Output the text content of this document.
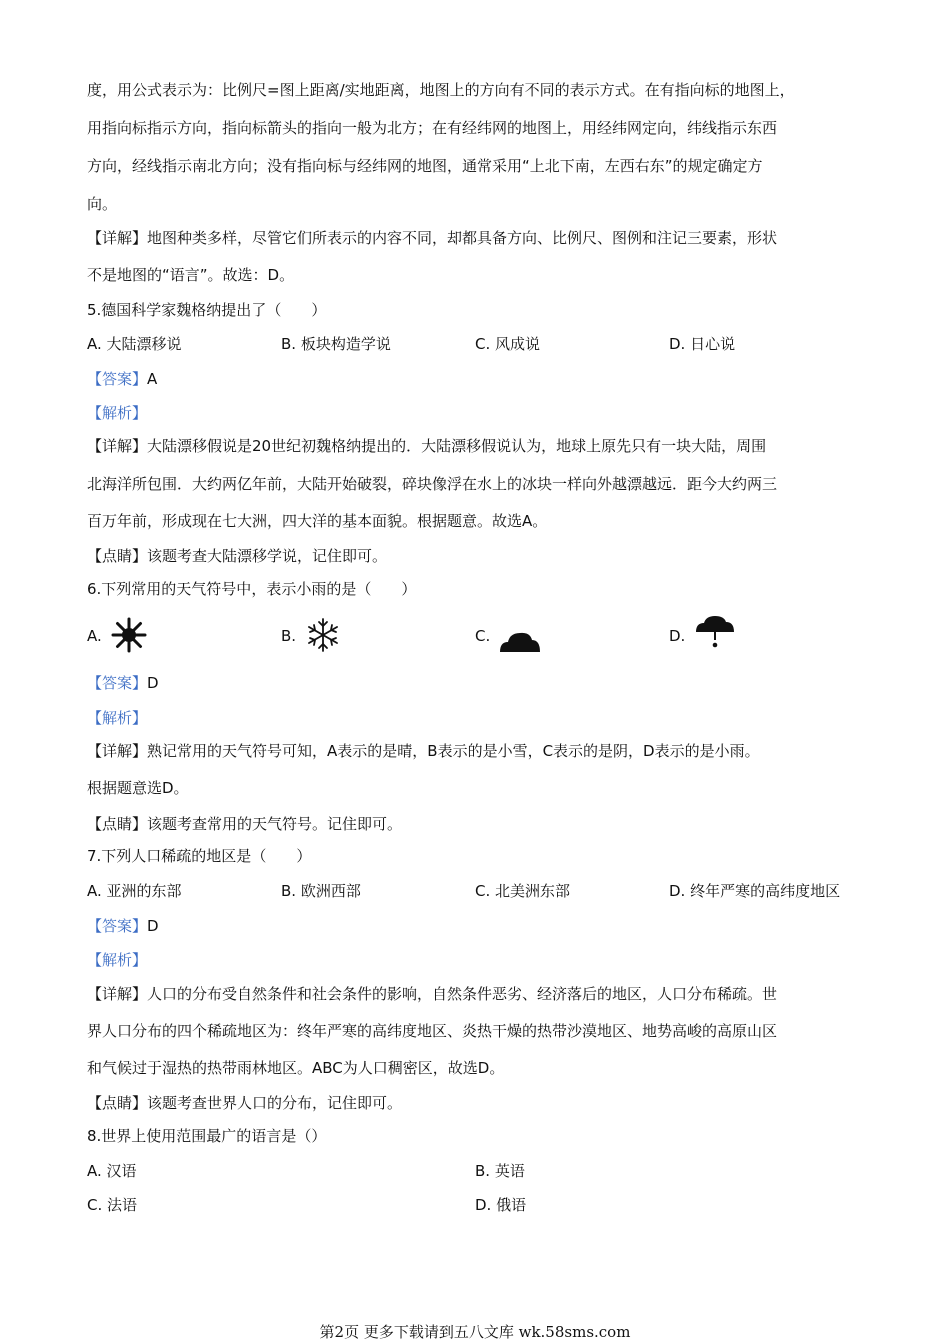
度，用公式表示为：比例尺=图上距离/实地距离，地图上的方向有不同的表示方式。在有指向标的地图上，
用指向标指示方向，指向标箭头的指向一般为北方；在有经纬网的地图上，用经纬网定向，纬线指示东西
方向，经线指示南北方向；没有指向标与经纬网的地图，通常采用“上北下南，左西右东”的规定确定方
向。
【详解】地图种类多样，尽管它们所表示的内容不同，却都具备方向、比例尺、图例和注记三要素，形状
不是地图的“语言”。故选：D。
5.德国科学家魏格纳提出了（　　）
A. 大陆漂移说	B. 板块构造学说	C. 风成说	D. 日心说
【答案】A
【解析】
【详解】大陆漂移假说是20世纪初魏格纳提出的．大陆漂移假说认为，地球上原先只有一块大陆，周围
北海洋所包围．大约两亿年前，大陆开始破裂，碎块像浮在水上的冰块一样向外越漂越远．距今大约两三
百万年前，形成现在七大洲，四大洋的基本面貌。根据题意。故选A。
【点睛】该题考查大陆漂移学说，记住即可。
6.下列常用的天气符号中，表示小雨的是（　　）
A.	B.	C.	D.
【答案】D
【解析】
【详解】熟记常用的天气符号可知，A表示的是晴，B表示的是小雪，C表示的是阴，D表示的是小雨。
根据题意选D。
【点睛】该题考查常用的天气符号。记住即可。
7.下列人口稀疏的地区是（　　）
A. 亚洲的东部	B. 欧洲西部	C. 北美洲东部	D. 终年严寒的高纬度地区
【答案】D
【解析】
【详解】人口的分布受自然条件和社会条件的影响，自然条件恶劣、经济落后的地区，人口分布稀疏。世
界人口分布的四个稀疏地区为：终年严寒的高纬度地区、炎热干燥的热带沙漠地区、地势高峻的高原山区
和气候过于湿热的热带雨林地区。ABC为人口稠密区，故选D。
【点睛】该题考查世界人口的分布，记住即可。
8.世界上使用范围最广的语言是（）
A. 汉语	B. 英语
C. 法语	D. 俄语
第2页 更多下载请到五八文库 wk.58sms.com
